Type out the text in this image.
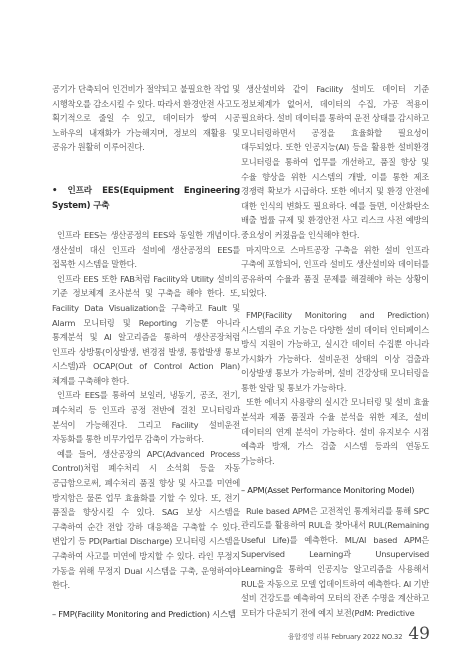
공기가 단축되어 인건비가 절약되고 불필요한 작업 및 시행착오를 감소시킬 수 있다. 따라서 환경안전 사고도 획기적으로 줄일 수 있고, 데이터가 쌓여 시공 노하우의 내재화가 가능해지며, 정보의 재활용 및 공유가 원활히 이루어진다.

• 인프라 EES(Equipment Engineering System) 구축

인프라 EES는 생산공정의 EES와 동일한 개념이다. 생산설비 대신 인프라 설비에 생산공정의 EES를 접목한 시스템을 말한다.

인프라 EES 또한 FAB처럼 Facility와 Utility 설비의 기준 정보체계 조사분석 및 구축을 해야 한다. 또, Facility Data Visualization을 구축하고 Fault 및 Alarm 모니터링 및 Reporting 기능뿐 아니라 통계분석 및 AI 알고리즘을 통하여 생산공장처럼 인프라 상방통(이상발생, 변경점 발생, 통합발생 통보 시스템)과 OCAP(Out of Control Action Plan) 체계를 구축해야 한다.

인프라 EES를 통하여 보일러, 냉동기, 공조, 전기, 폐수처리 등 인프라 공정 전반에 걸친 모니터링과 분석이 가능해진다. 그리고 Facility 설비운전 자동화를 통한 비무가업무 감축이 가능하다.

예를 들어, 생산공장의 APC(Advanced Process Control)처럼 폐수처리 시 소석회 등을 자동 공급함으로써, 폐수처리 품질 향상 및 사고를 미연에 방지함은 물론 업무 효율화를 기할 수 있다. 또, 전기 품질을 향상시킬 수 있다. SAG 보상 시스템을 구축하여 순간 전압 강하 대응책을 구축할 수 있다. 변압기 등 PD(Partial Discharge) 모니터링 시스템을 구축하여 사고를 미연에 방지할 수 있다. 라인 무정지 가동을 위해 무정지 Dual 시스템을 구축, 운영하여야 한다.

– FMP(Facility Monitoring and Prediction) 시스템

생산설비와 같이 Facility 설비도 데이터 기준 정보체계가 없어서, 데이터의 수집, 가공 적용이 필요하다. 설비 데이터를 통하여 운전 상태를 감시하고 모니터링하면서 공정을 효율화할 필요성이 대두되었다. 또한 인공지능(AI) 등을 활용한 설비환경 모니터링을 통하여 업무를 개선하고, 품질 향상 및 수율 향상을 위한 시스템의 개발, 이를 통한 제조 경쟁력 확보가 시급하다. 또한 에너지 및 환경 안전에 대한 인식의 변화도 필요하다. 예를 들면, 이산화탄소 배출 법률 규제 및 환경안전 사고 리스크 사전 예방의 중요성이 커졌음을 인식해야 한다.

마지막으로 스마트공장 구축을 위한 설비 인프라 구축에 포함되어, 인프라 설비도 생산설비와 데이터를 공유하여 수율과 품질 문제를 해결해야 하는 상황이 되었다.

FMP(Facility Monitoring and Prediction) 시스템의 주요 기능은 다양한 설비 데이터 인터페이스 방식 지원이 가능하고, 실시간 데이터 수집뿐 아니라 가시화가 가능하다. 설비운전 상태의 이상 검출과 이상발생 통보가 가능하며, 설비 건강상태 모니터링을 통한 알람 및 통보가 가능하다.

또한 에너지 사용량의 실시간 모니터링 및 설비 효율 분석과 제품 품질과 수율 분석을 위한 제조, 설비 데이터의 연계 분석이 가능하다. 설비 유지보수 시점 예측과 방재, 가스 검출 시스템 등과의 연동도 가능하다.

– APM(Asset Performance Monitoring Model)

Rule based APM은 고전적인 통계처리를 통해 SPC 관리도를 활용하여 RUL을 찾아내서 RUL(Remaining Useful Life)를 예측한다. ML/AI based APM은 Supervised Learning과 Unsupervised Learning을 통하여 인공지능 알고리즘을 사용해서 RUL을 자동으로 모델 업데이트하여 예측한다. AI 기반 설비 건강도를 예측하여 모터의 잔존 수명을 계산하고 모터가 다운되기 전에 예지 보전(PdM: Predictive

융합경영 리뷰 February 2022 NO.32 49
